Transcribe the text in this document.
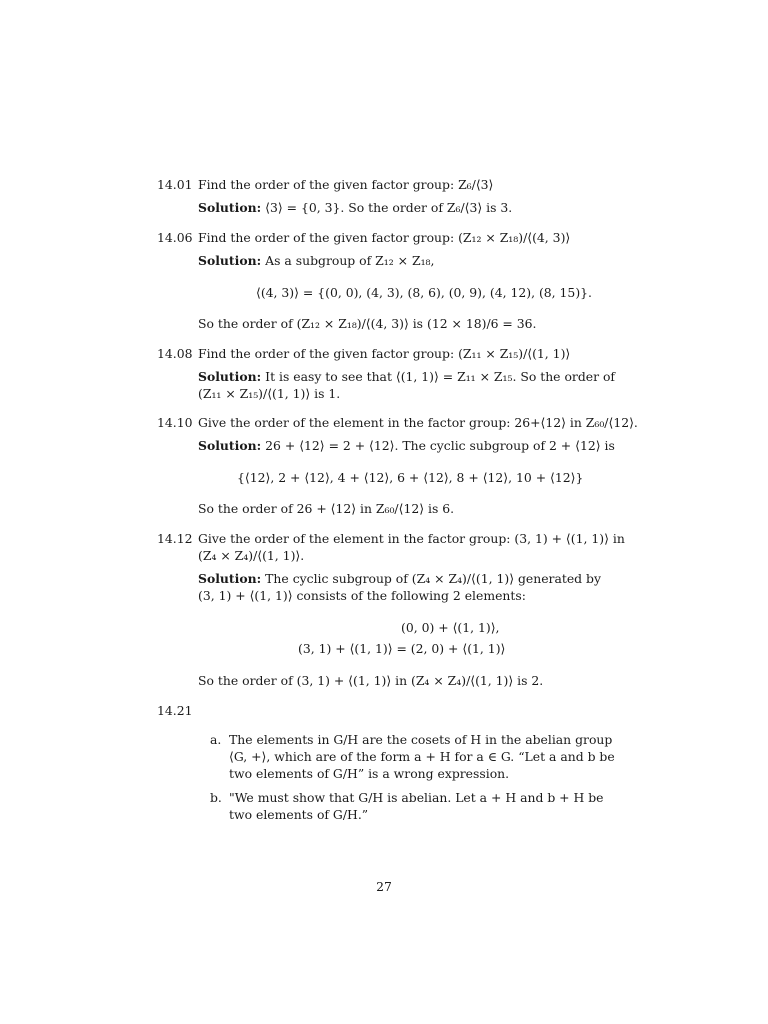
14.01 Find the order of the given factor group: Z₆/⟨3⟩
Solution: ⟨3⟩ = {0, 3}. So the order of Z₆/⟨3⟩ is 3.
14.06 Find the order of the given factor group: (Z₁₂ × Z₁₈)/⟨(4, 3)⟩
Solution: As a subgroup of Z₁₂ × Z₁₈,
⟨(4, 3)⟩ = {(0, 0), (4, 3), (8, 6), (0, 9), (4, 12), (8, 15)}.
So the order of (Z₁₂ × Z₁₈)/⟨(4, 3)⟩ is (12 × 18)/6 = 36.
14.08 Find the order of the given factor group: (Z₁₁ × Z₁₅)/⟨(1, 1)⟩
Solution: It is easy to see that ⟨(1, 1)⟩ = Z₁₁ × Z₁₅. So the order of
(Z₁₁ × Z₁₅)/⟨(1, 1)⟩ is 1.
14.10 Give the order of the element in the factor group: 26+⟨12⟩ in Z₆₀/⟨12⟩.
Solution: 26 + ⟨12⟩ = 2 + ⟨12⟩. The cyclic subgroup of 2 + ⟨12⟩ is
{⟨12⟩, 2 + ⟨12⟩, 4 + ⟨12⟩, 6 + ⟨12⟩, 8 + ⟨12⟩, 10 + ⟨12⟩}
So the order of 26 + ⟨12⟩ in Z₆₀/⟨12⟩ is 6.
14.12 Give the order of the element in the factor group: (3, 1) + ⟨(1, 1)⟩ in
(Z₄ × Z₄)/⟨(1, 1)⟩.
Solution: The cyclic subgroup of (Z₄ × Z₄)/⟨(1, 1)⟩ generated by
(3, 1) + ⟨(1, 1)⟩ consists of the following 2 elements:
(0, 0) + ⟨(1, 1)⟩,
(3, 1) + ⟨(1, 1)⟩ = (2, 0) + ⟨(1, 1)⟩
So the order of (3, 1) + ⟨(1, 1)⟩ in (Z₄ × Z₄)/⟨(1, 1)⟩ is 2.
14.21
a. The elements in G/H are the cosets of H in the abelian group
⟨G, +⟩, which are of the form a + H for a ∈ G. “Let a and b be
two elements of G/H” is a wrong expression.
b. "We must show that G/H is abelian. Let a + H and b + H be
two elements of G/H.”
27
